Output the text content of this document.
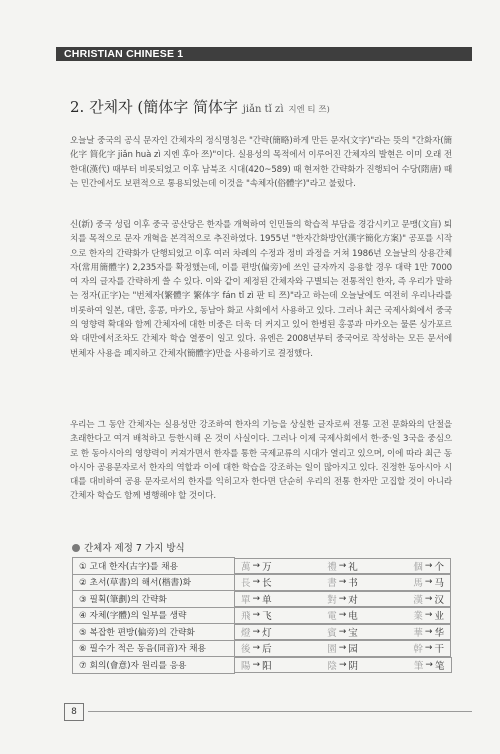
CHRISTIAN CHINESE 1
2. 간체자 (簡体字 简体字 jiǎn tǐ zì 지엔 티 쯔)

오늘날 중국의 공식 문자인 간체자의 정식명칭은 "간략(簡略)하게 만든 문자(文字)"라는 뜻의 "간화자(簡化字 简化字 jiǎn huà zì 지엔 후아 쯔)"이다. 실용성의 목적에서 이루어진 간체자의 발현은 이미 오래 전 한대(漢代) 때부터 비롯되었고 이후 남북조 시대(420~589) 때 현저한 간략화가 진행되어 수당(隋唐) 때는 민간에서도 보편적으로 통용되었는데 이것을 "속체자(俗體字)"라고 불렀다.

신(新) 중국 성립 이후 중국 공산당은 한자를 개혁하여 인민들의 학습적 부담을 경감시키고 문맹(文盲) 퇴치를 목적으로 문자 개혁을 본격적으로 추진하였다. 1955년 "한자간화방안(漢字簡化方案)" 공포를 시작으로 한자의 간략화가 단행되었고 이후 여러 차례의 수정과 정비 과정을 거쳐 1986년 오늘날의 상용간체자(常用簡體字) 2,235자를 확정했는데, 이를 편방(偏旁)에 쓰인 글자까지 응용할 경우 대략 1만 7000 여 자의 글자를 간략하게 쓸 수 있다. 이와 같이 제정된 간체자와 구별되는 전통적인 한자, 즉 우리가 말하는 정자(正字)는 "번체자(繁體字 繁体字 fán tǐ zì 판 티 쯔)"라고 하는데 오늘날에도 여전히 우리나라를 비롯하여 일본, 대만, 홍콩, 마카오, 동남아 화교 사회에서 사용하고 있다. 그러나 최근 국제사회에서 중국의 영향력 확대와 함께 간체자에 대한 비중은 더욱 더 커지고 있어 한병된 홍콩과 마카오는 물론 싱가포르와 대만에서조차도 간체자 학습 열풍이 일고 있다. 유엔은 2008년부터 중국어로 작성하는 모든 문서에 번체자 사용을 폐지하고 간체자(簡體字)만을 사용하기로 결정했다.

우리는 그 동안 간체자는 실용성만 강조하여 한자의 기능을 상실한 글자로써 전통 고전 문화와의 단절을 초래한다고 여겨 배척하고 등한시해 온 것이 사실이다. 그러나 이제 국제사회에서 한·중·일 3국을 중심으로 한 동아시아의 영향력이 커져가면서 한자를 통한 국제교류의 시대가 열리고 있으며, 이에 따라 최근 동아시아 공용문자로서 한자의 역할과 이에 대한 학습을 강조하는 일이 많아지고 있다. 진정한 동아시아 시대를 대비하여 공용 문자로서의 한자를 익히고자 한다면 단순히 우리의 전통 한자만 고집할 것이 아니라 간체자 학습도 함께 병행해야 할 것이다.

간체자 제정 7 가지 방식
① 고대 한자(古字)를 채용		萬 → 万	禮 → 礼	個 → 个

② 초서(草書)의 해서(楷書)화		長 → 长	書 → 书	馬 → 马

③ 필획(筆劃)의 간략화		單 → 单	對 → 对	漢 → 汉

④ 자체(字體)의 일부를 생략		飛 → 飞	電 → 电	業 → 业

⑤ 복잡한 편방(偏旁)의 간략화		燈 → 灯	賓 → 宝	華 → 华

⑥ 필수가 적은 동음(同音)자 채용		後 → 后	園 → 园	幹 → 干

⑦ 회의(會意)자 원리를 응용		陽 → 阳	陰 → 阴	筆 → 笔
8
